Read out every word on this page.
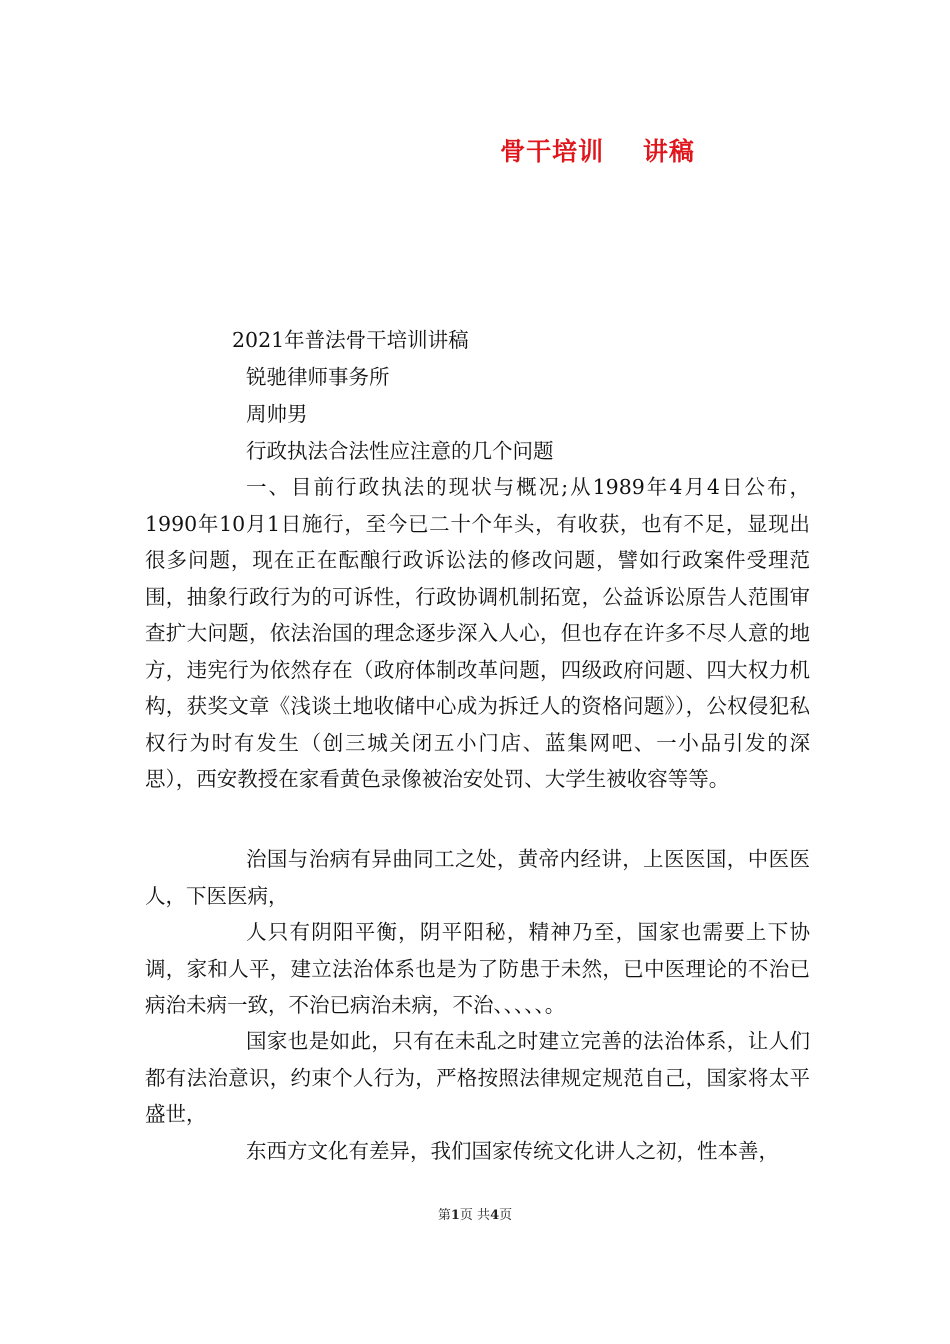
骨干培训 讲稿
2021年普法骨干培训讲稿
锐驰律师事务所
周帅男
行政执法合法性应注意的几个问题

一、目前行政执法的现状与概况;从1989年4月4日公布，1990年10月1日施行，至今已二十个年头，有收获，也有不足，显现出很多问题，现在正在酝酿行政诉讼法的修改问题，譬如行政案件受理范围，抽象行政行为的可诉性，行政协调机制拓宽，公益诉讼原告人范围审查扩大问题，依法治国的理念逐步深入人心，但也存在许多不尽人意的地方，违宪行为依然存在（政府体制改革问题，四级政府问题、四大权力机构，获奖文章《浅谈土地收储中心成为拆迁人的资格问题》），公权侵犯私权行为时有发生（创三城关闭五小门店、蓝集网吧、一小品引发的深思），西安教授在家看黄色录像被治安处罚、大学生被收容等等。

治国与治病有异曲同工之处，黄帝内经讲，上医医国，中医医人，下医医病，

人只有阴阳平衡，阴平阳秘，精神乃至，国家也需要上下协调，家和人平，建立法治体系也是为了防患于未然，已中医理论的不治已病治未病一致，不治已病治未病，不治、、、、、。

国家也是如此，只有在未乱之时建立完善的法治体系，让人们都有法治意识，约束个人行为，严格按照法律规定规范自己，国家将太平盛世，

东西方文化有差异，我们国家传统文化讲人之初，性本善，

第1页 共4页
